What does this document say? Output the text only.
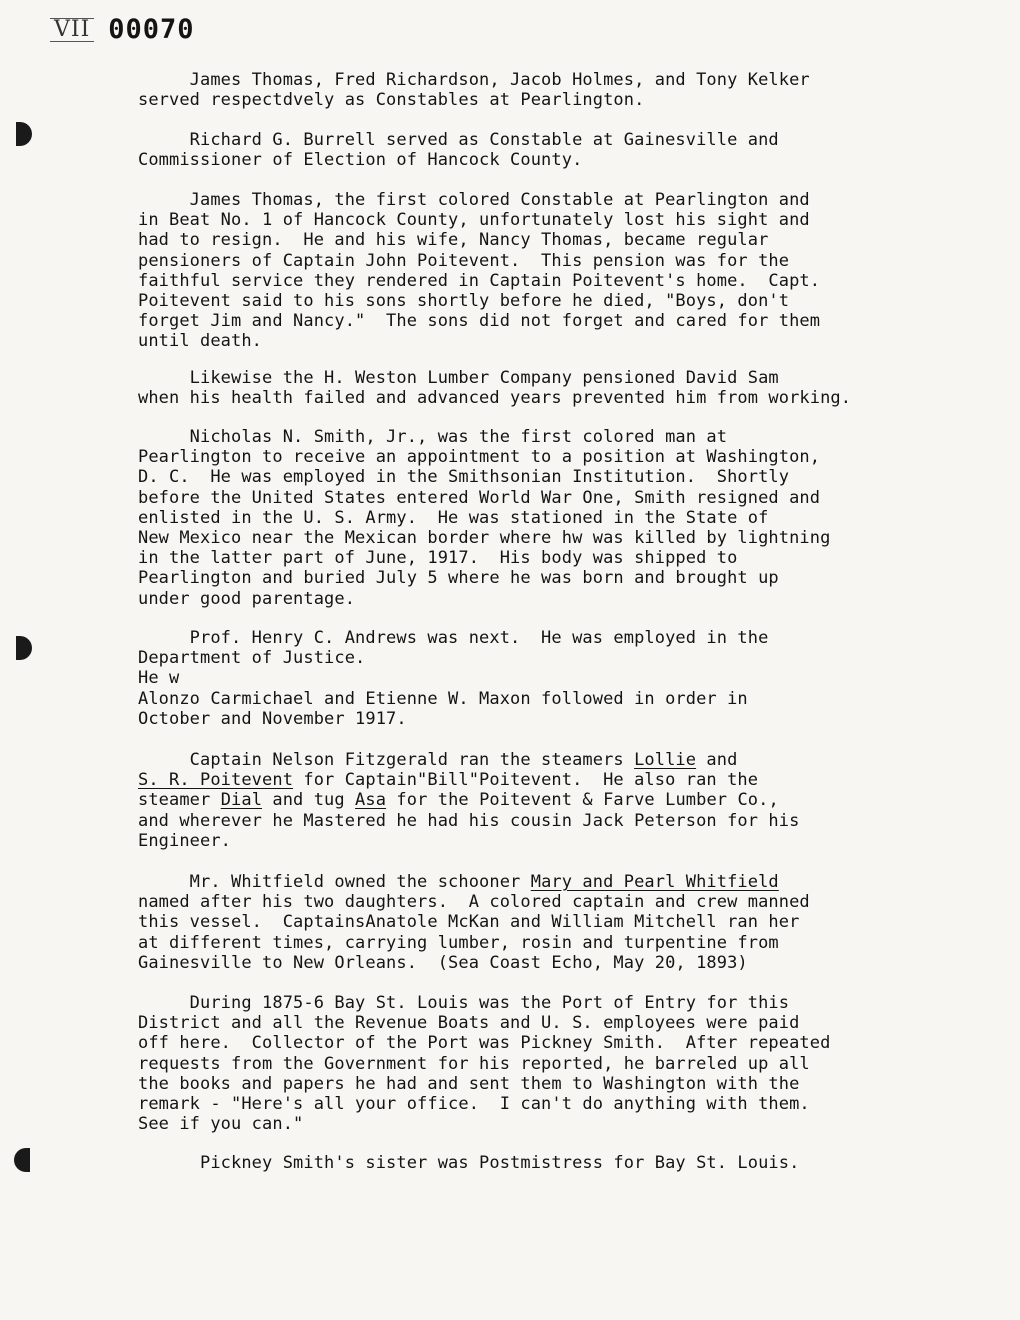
VII 00070
James Thomas, Fred Richardson, Jacob Holmes, and Tony Kelker
served respectdvely as Constables at Pearlington.
Richard G. Burrell served as Constable at Gainesville and
Commissioner of Election of Hancock County.
James Thomas, the first colored Constable at Pearlington and
in Beat No. 1 of Hancock County, unfortunately lost his sight and
had to resign.  He and his wife, Nancy Thomas, became regular
pensioners of Captain John Poitevent.  This pension was for the
faithful service they rendered in Captain Poitevent's home.  Capt.
Poitevent said to his sons shortly before he died, "Boys, don't
forget Jim and Nancy."  The sons did not forget and cared for them
until death.
Likewise the H. Weston Lumber Company pensioned David Sam
when his health failed and advanced years prevented him from working.
Nicholas N. Smith, Jr., was the first colored man at
Pearlington to receive an appointment to a position at Washington,
D. C.  He was employed in the Smithsonian Institution.  Shortly
before the United States entered World War One, Smith resigned and
enlisted in the U. S. Army.  He was stationed in the State of
New Mexico near the Mexican border where hw was killed by lightning
in the latter part of June, 1917.  His body was shipped to
Pearlington and buried July 5 where he was born and brought up
under good parentage.
Prof. Henry C. Andrews was next.  He was employed in the
Department of Justice.
He w
Alonzo Carmichael and Etienne W. Maxon followed in order in
October and November 1917.
Captain Nelson Fitzgerald ran the steamers Lollie and
S. R. Poitevent for Captain"Bill"Poitevent.  He also ran the
steamer Dial and tug Asa for the Poitevent & Farve Lumber Co.,
and wherever he Mastered he had his cousin Jack Peterson for his
Engineer.
Mr. Whitfield owned the schooner Mary and Pearl Whitfield
named after his two daughters.  A colored captain and crew manned
this vessel.  CaptainsAnatole McKan and William Mitchell ran her
at different times, carrying lumber, rosin and turpentine from
Gainesville to New Orleans.  (Sea Coast Echo, May 20, 1893)
During 1875-6 Bay St. Louis was the Port of Entry for this
District and all the Revenue Boats and U. S. employees were paid
off here.  Collector of the Port was Pickney Smith.  After repeated
requests from the Government for his reported, he barreled up all
the books and papers he had and sent them to Washington with the
remark - "Here's all your office.  I can't do anything with them.
See if you can."
Pickney Smith's sister was Postmistress for Bay St. Louis.
